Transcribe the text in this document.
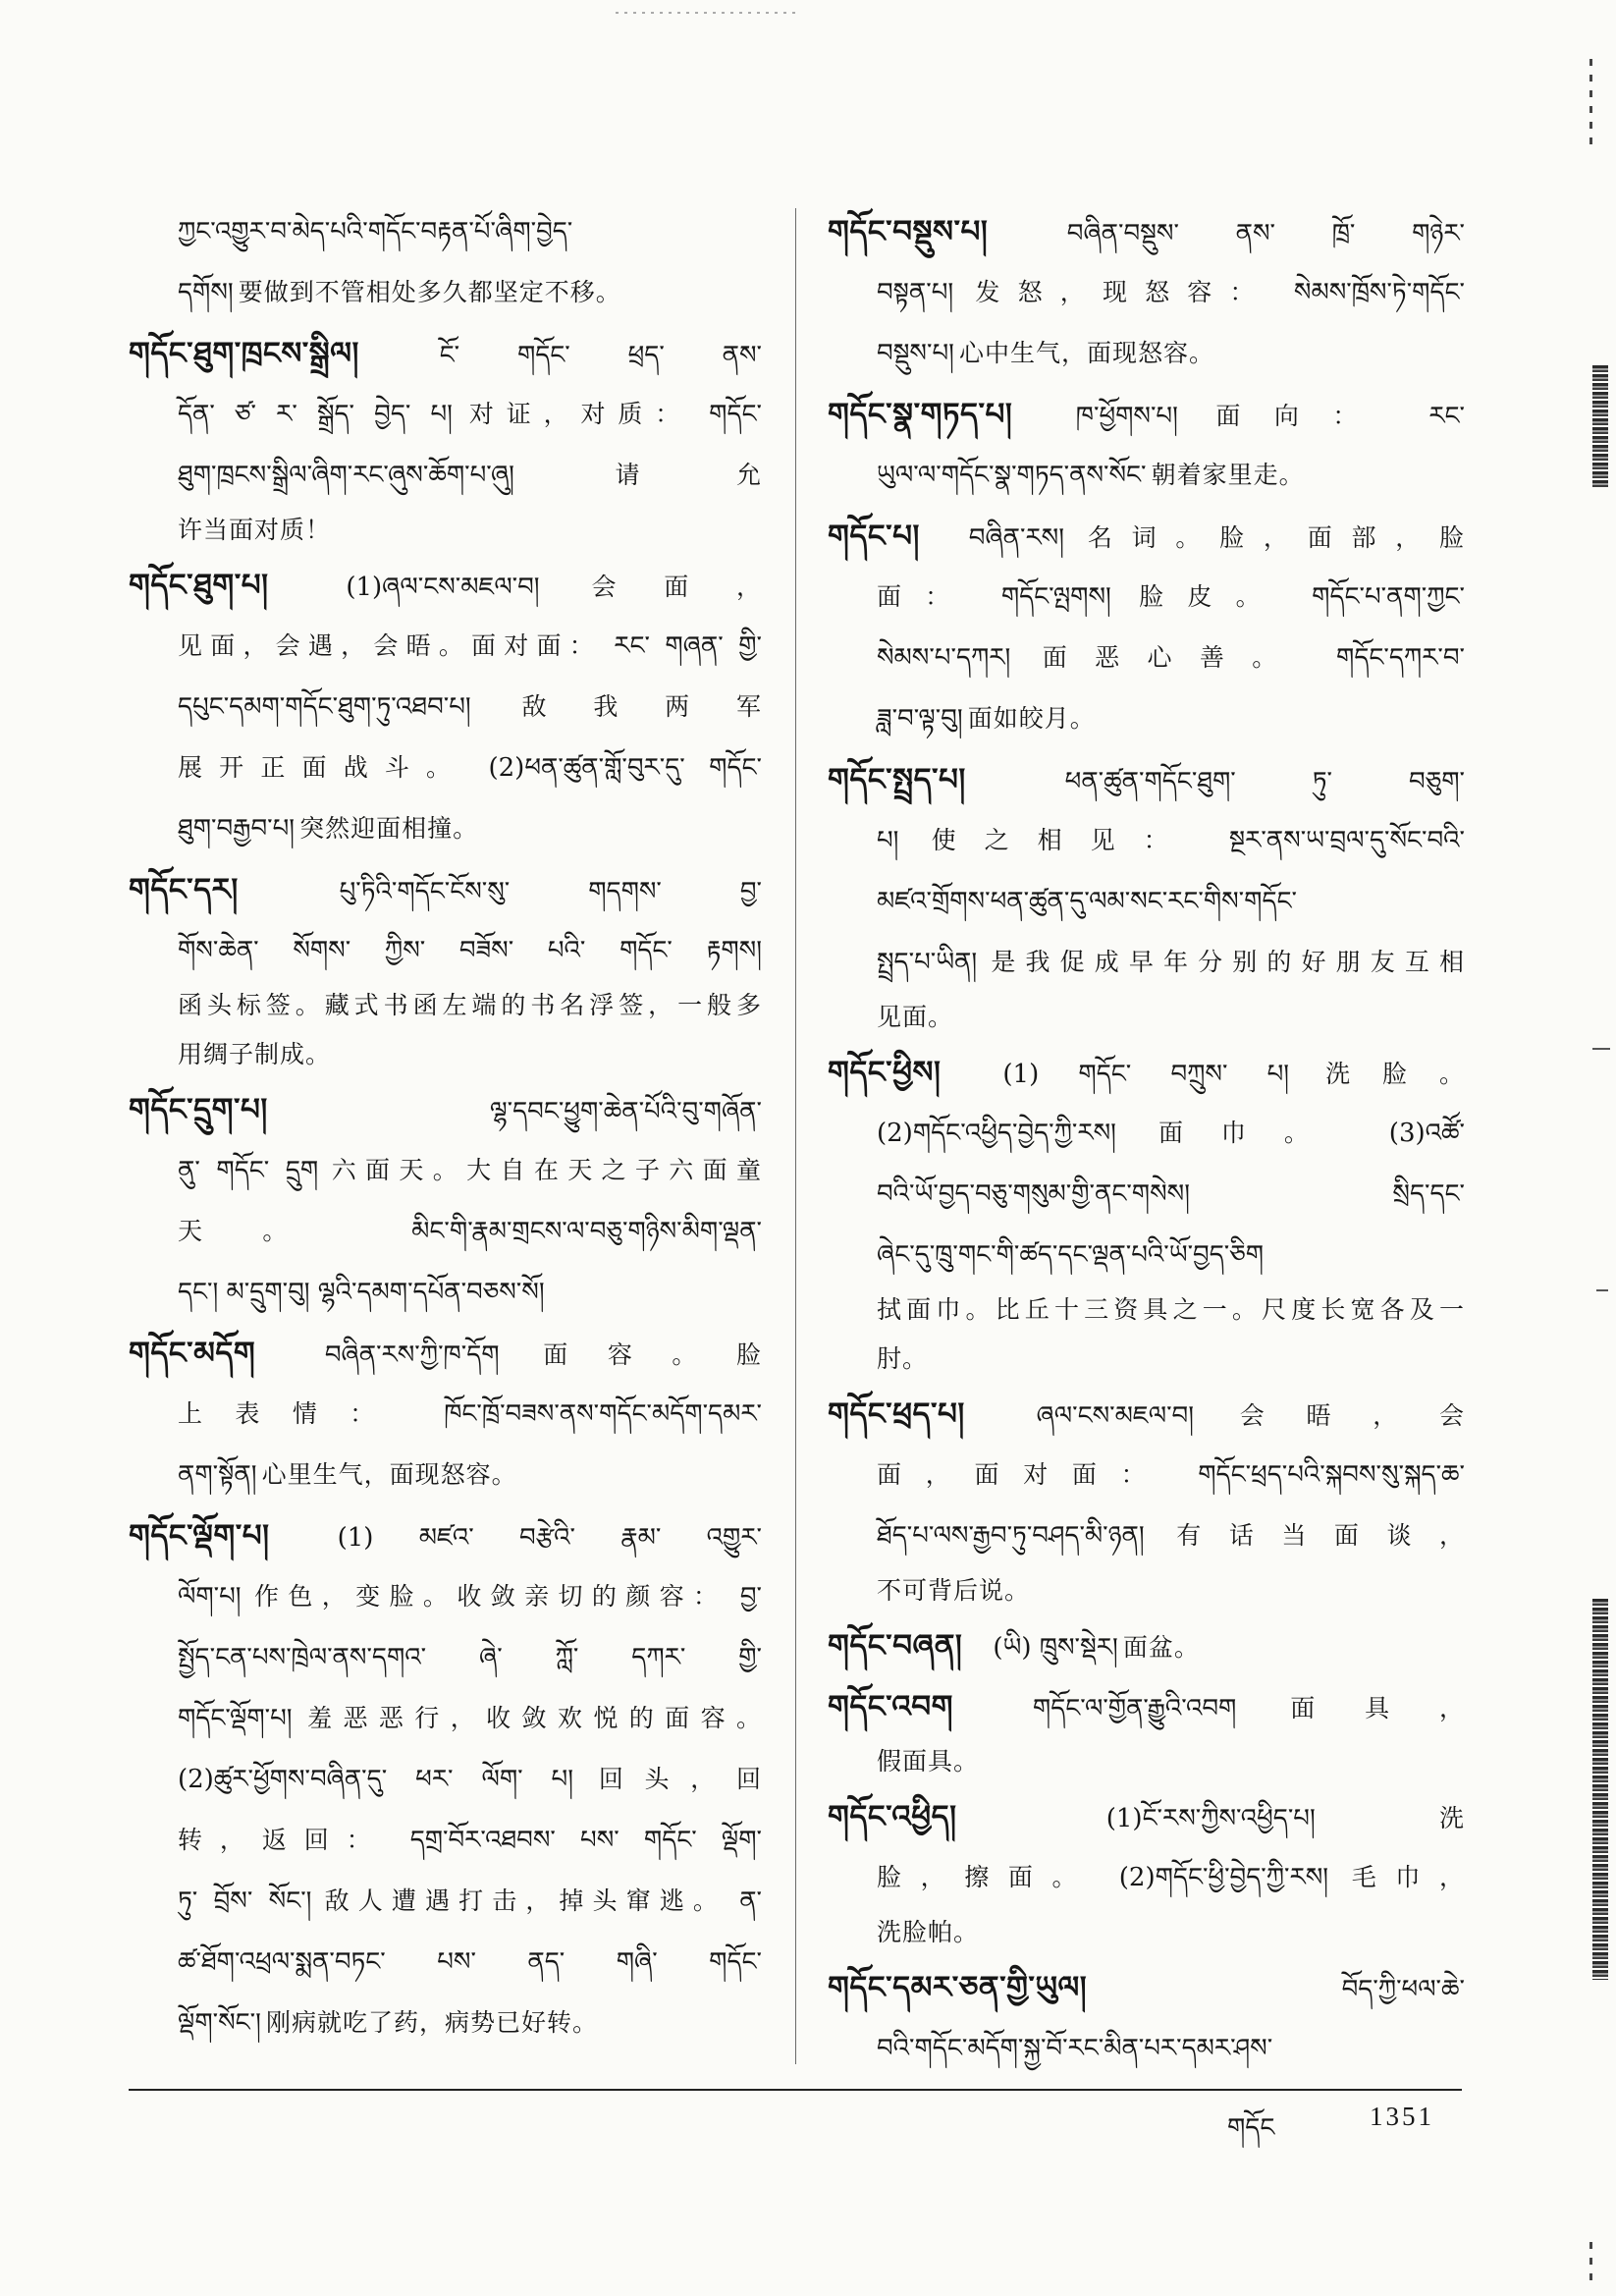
ཀྱང་འགྱུར་བ་མེད་པའི་གདོང་བརྟན་པོ་ཞིག་བྱེད་
དགོས། 要做到不管相处多久都坚定不移。
གདོང་ཐུག་ཁྲངས་སྒྲིལ།	ངོ་ གདོང་ ཕྲད་ ནས་
དོན་ ཙ་ ར་ སྒྲོད་ བྱེད་ པ། 对证，对质： གདོང་
ཐུག་ཁྲངས་སྒྲིལ་ཞིག་རང་ཞུས་ཆོག་པ་ཞུ།	请允
许当面对质！
གདོང་ཐུག་པ།	(1)ཞལ་ངས་མཇལ་བ། 会面，
见面，会遇，会晤。面对面： རང་ གཞན་ གྱི་
དཔུང་དམག་གདོང་ཐུག་ཏུ་འཐབ་པ། 敌我两军
展开正面战斗。 (2)ཕན་ཚུན་གློ་བུར་དུ་ གདོང་
ཐུག་བརྒྱབ་པ། 突然迎面相撞。
གདོང་དར།	པུ་ཏིའི་གདོང་ངོས་སུ་ གདགས་ བྱ་
གོས་ཆེན་ སོགས་ ཀྱིས་ བཟོས་ པའི་ གདོང་ རྟགས།
函头标签。藏式书函左端的书名浮签，一般多
用绸子制成。
གདོང་དྲུག་པ།	ལྷ་དབང་ཕྱུག་ཆེན་པོའི་བུ་གཞོན་
ནུ་ གདོང་ དྲུག 六面天。大自在天之子六面童
天。	མིང་གི་རྣམ་གྲངས་ལ་བཅུ་གཉིས་མིག་ལྡན་
དང་། མ་དྲུག་བུ། ལྷའི་དམག་དཔོན་བཅས་སོ།
གདོང་མདོག	བཞིན་རས་ཀྱི་ཁ་དོག 面容。脸
上表情： ཁོང་ཁྲོ་བཟས་ནས་གདོང་མདོག་དམར་
ནག་སྟོན། 心里生气，面现怒容。
གདོང་ལྡོག་པ།	(1) མཛའ་ བརྩེའི་ རྣམ་ འགྱུར་
ལོག་པ། 作色，变脸。收敛亲切的颜容： བྱ་
སྤྱོད་ངན་པས་ཁྲེལ་ནས་དགའ་ ཞེ་ ཀློ་ དཀར་ གྱི་
གདོང་ལྡོག་པ། 羞恶恶行，收敛欢悦的面容。
(2)ཚུར་ཕྱོགས་བཞིན་དུ་ ཕར་ ལོག་ པ། 回头，回
转，返回： དགྲ་བོར་འཐབས་ པས་ གདོང་ ལྡོག་
ཏུ་ བྲོས་ སོང་། 敌人遭遇打击，掉头窜逃。 ན་
ཚ་ཐོག་འཕྲལ་སྨན་བཏང་ པས་ ནད་ གཞི་ གདོང་
ལྡོག་སོང་། 刚病就吃了药，病势已好转。
གདོང་བསྡུས་པ།	བཞིན་བསྡུས་ ནས་ ཁྲོ་ གཉེར་
བསྟན་པ། 发怒，现怒容： སེམས་ཁྲོས་ཏེ་གདོང་
བསྡུས་པ། 心中生气，面现怒容。
གདོང་སྣ་གཏད་པ། ཁ་ཕྱོགས་པ། 面向： རང་
ཡུལ་ལ་གདོང་སྣ་གཏད་ནས་སོང་ 朝着家里走。
གདོང་པ། བཞིན་རས། 名词。脸，面部，脸
面： གདོང་ལྤགས། 脸皮。 གདོང་པ་ནག་ཀྱང་
སེམས་པ་དཀར། 面恶心善。 གདོང་དཀར་བ་
ཟླ་བ་ལྟ་བུ། 面如皎月。
གདོང་སྤྲད་པ།	ཕན་ཚུན་གདོང་ཐུག་ ཏུ་ བཅུག་
པ། 使之相见： སྔར་ནས་ཡ་བྲལ་དུ་སོང་བའི་
མཛའ་གྲོགས་ཕན་ཚུན་དུ་ལམ་སང་རང་གིས་གདོང་
སྤྲད་པ་ཡིན། 是我促成早年分别的好朋友互相
见面。
གདོང་ཕྱིས། (1) གདོང་ བཀྲུས་ པ། 洗脸。
(2)གདོང་འཕྱིད་བྱེད་ཀྱི་རས། 面巾。 (3)འཚོ་
བའི་ཡོ་བྱད་བཅུ་གསུམ་གྱི་ནང་གསེས། སྲིད་དང་
ཞེང་དུ་ཁྲུ་གང་གི་ཚད་དང་ལྡན་པའི་ཡོ་བྱད་ཅིག
拭面巾。比丘十三资具之一。尺度长宽各及一
肘。
གདོང་ཕྲད་པ།	ཞལ་ངས་མཇལ་བ། 会晤，会
面，面对面： གདོང་ཕྲད་པའི་སྐབས་སུ་སྐད་ཆ་
ཐོད་པ་ལས་རྒྱབ་ཏུ་བཤད་མི་ཉན། 有话当面谈，
不可背后说。
གདོང་བཞན། (ཡི) ཁྲུས་སྡེར། 面盆。
གདོང་འབག	གདོང་ལ་གྱོན་རྒྱུའི་འབག 面具，
假面具。
གདོང་འཕྱིད།	(1)ངོ་རས་ཀྱིས་འཕྱིད་པ།	洗
脸，擦面。 (2)གདོང་ཕྱི་བྱེད་ཀྱི་རས། 毛巾，
洗脸帕。
གདོང་དམར་ཅན་གྱི་ཡུལ།	བོད་ཀྱི་ཕལ་ཆེ་
བའི་གདོང་མདོག་སྐྱ་བོ་རང་མིན་པར་དམར་ཤས་
གདོང	1351
